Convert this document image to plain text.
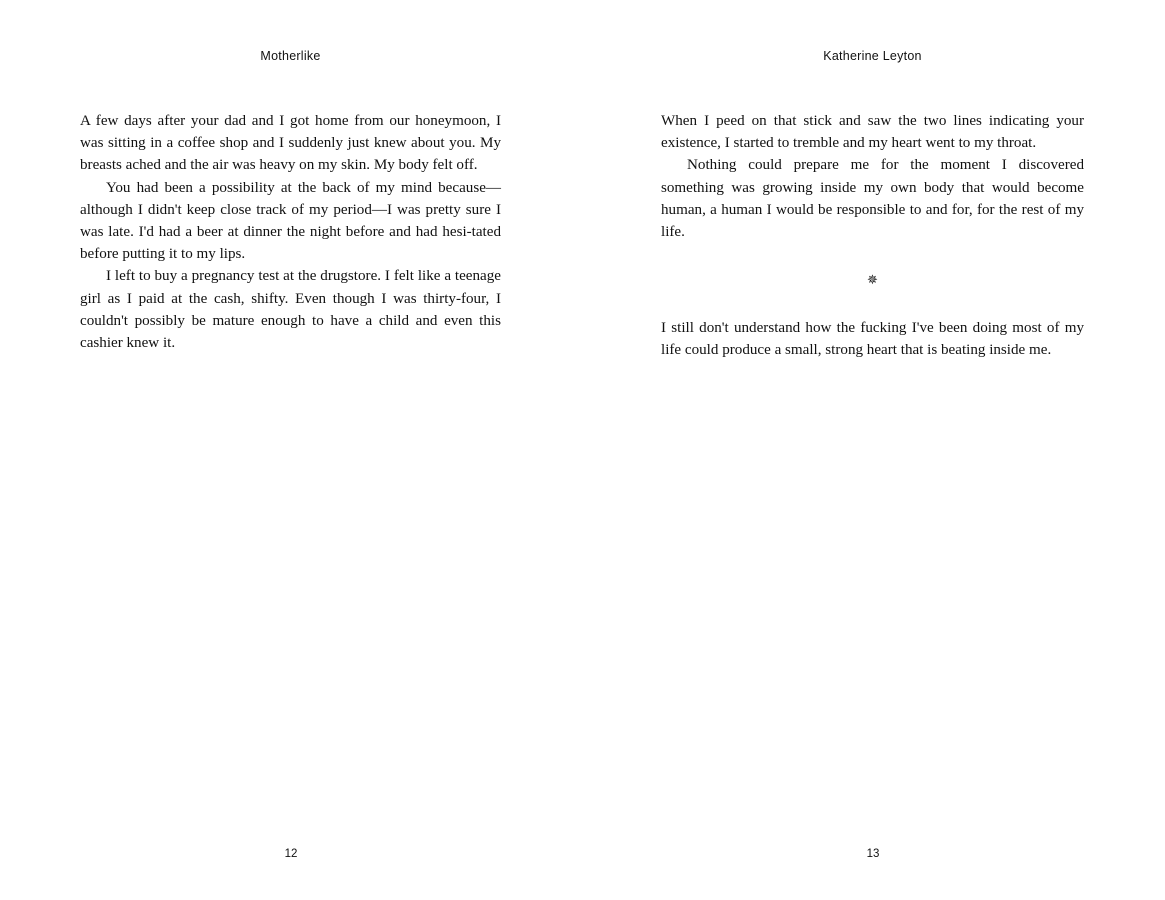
Motherlike

A few days after your dad and I got home from our honeymoon, I was sitting in a coffee shop and I suddenly just knew about you. My breasts ached and the air was heavy on my skin. My body felt off.

You had been a possibility at the back of my mind because—although I didn't keep close track of my period—I was pretty sure I was late. I'd had a beer at dinner the night before and had hesi-tated before putting it to my lips.

I left to buy a pregnancy test at the drugstore. I felt like a teenage girl as I paid at the cash, shifty. Even though I was thirty-four, I couldn't possibly be mature enough to have a child and even this cashier knew it.

12
Katherine Leyton

When I peed on that stick and saw the two lines indicating your existence, I started to tremble and my heart went to my throat.

Nothing could prepare me for the moment I discovered something was growing inside my own body that would become human, a human I would be responsible to and for, for the rest of my life.

✵

I still don't understand how the fucking I've been doing most of my life could produce a small, strong heart that is beating inside me.

13
